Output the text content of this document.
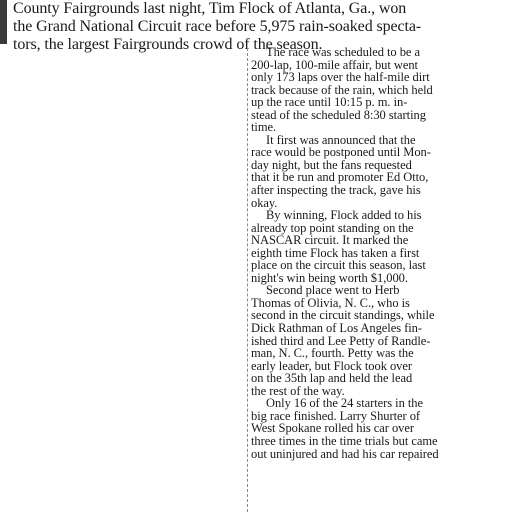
County Fairgrounds last night, Tim Flock of Atlanta, Ga., won
the Grand National Circuit race before 5,975 rain-soaked specta-
tors, the largest Fairgrounds crowd of the season.
The race was scheduled to be a
200-lap, 100-mile affair, but went
only 173 laps over the half-mile dirt
track because of the rain, which held
up the race until 10:15 p. m. in-
stead of the scheduled 8:30 starting
time.
It first was announced that the
race would be postponed until Mon-
day night, but the fans requested
that it be run and promoter Ed Otto,
after inspecting the track, gave his
okay.
By winning, Flock added to his
already top point standing on the
NASCAR circuit. It marked the
eighth time Flock has taken a first
place on the circuit this season, last
night's win being worth $1,000.
Second place went to Herb
Thomas of Olivia, N. C., who is
second in the circuit standings, while
Dick Rathman of Los Angeles fin-
ished third and Lee Petty of Randle-
man, N. C., fourth. Petty was the
early leader, but Flock took over
on the 35th lap and held the lead
the rest of the way.
Only 16 of the 24 starters in the
big race finished. Larry Shurter of
West Spokane rolled his car over
three times in the time trials but came
out uninjured and had his car repaired
